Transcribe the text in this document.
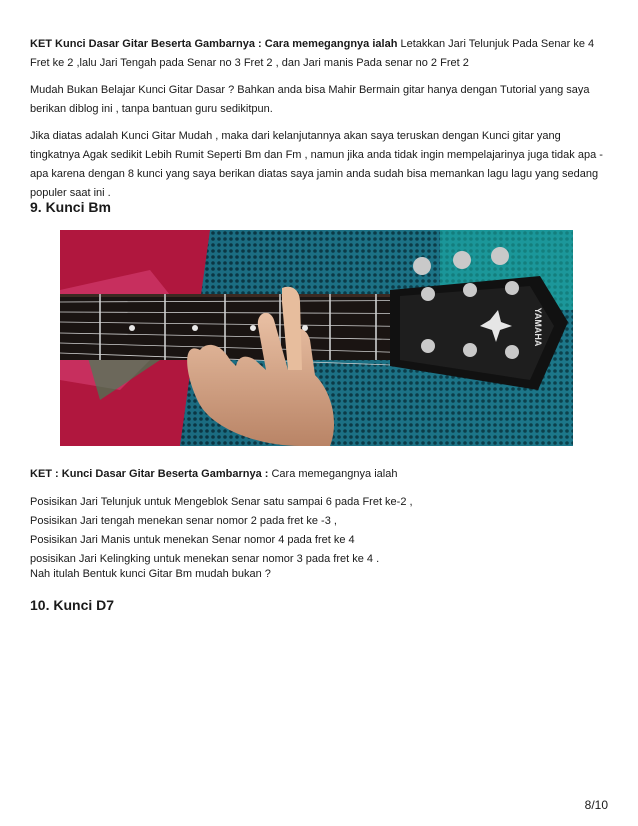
KET Kunci Dasar Gitar Beserta Gambarnya : Cara memegangnya ialah Letakkan Jari Telunjuk Pada Senar ke 4 Fret ke 2 ,lalu Jari Tengah pada Senar no 3 Fret 2 , dan Jari manis Pada senar no 2 Fret 2

Mudah Bukan Belajar Kunci Gitar Dasar ? Bahkan anda bisa Mahir Bermain gitar hanya dengan Tutorial yang saya berikan diblog ini , tanpa bantuan guru sedikitpun.

Jika diatas adalah Kunci Gitar Mudah , maka dari kelanjutannya akan saya teruskan dengan Kunci gitar yang tingkatnya Agak sedikit Lebih Rumit Seperti Bm dan Fm , namun jika anda tidak ingin mempelajarinya juga tidak apa - apa karena dengan 8 kunci yang saya berikan diatas saya jamin anda sudah bisa memankan lagu lagu yang sedang populer saat ini .

9. Kunci Bm
YAMAHA

KET : Kunci Dasar Gitar Beserta Gambarnya : Cara memegangnya ialah

Posisikan Jari Telunjuk untuk Mengeblok Senar satu sampai 6 pada Fret ke-2 ,

Posisikan Jari tengah menekan senar nomor 2 pada fret ke -3 ,

Posisikan Jari Manis untuk menekan Senar nomor 4 pada fret ke 4

posisikan Jari Kelingking untuk menekan senar nomor 3 pada fret ke 4 .

Nah itulah Bentuk kunci Gitar Bm mudah bukan ?

10. Kunci D7
8/10
